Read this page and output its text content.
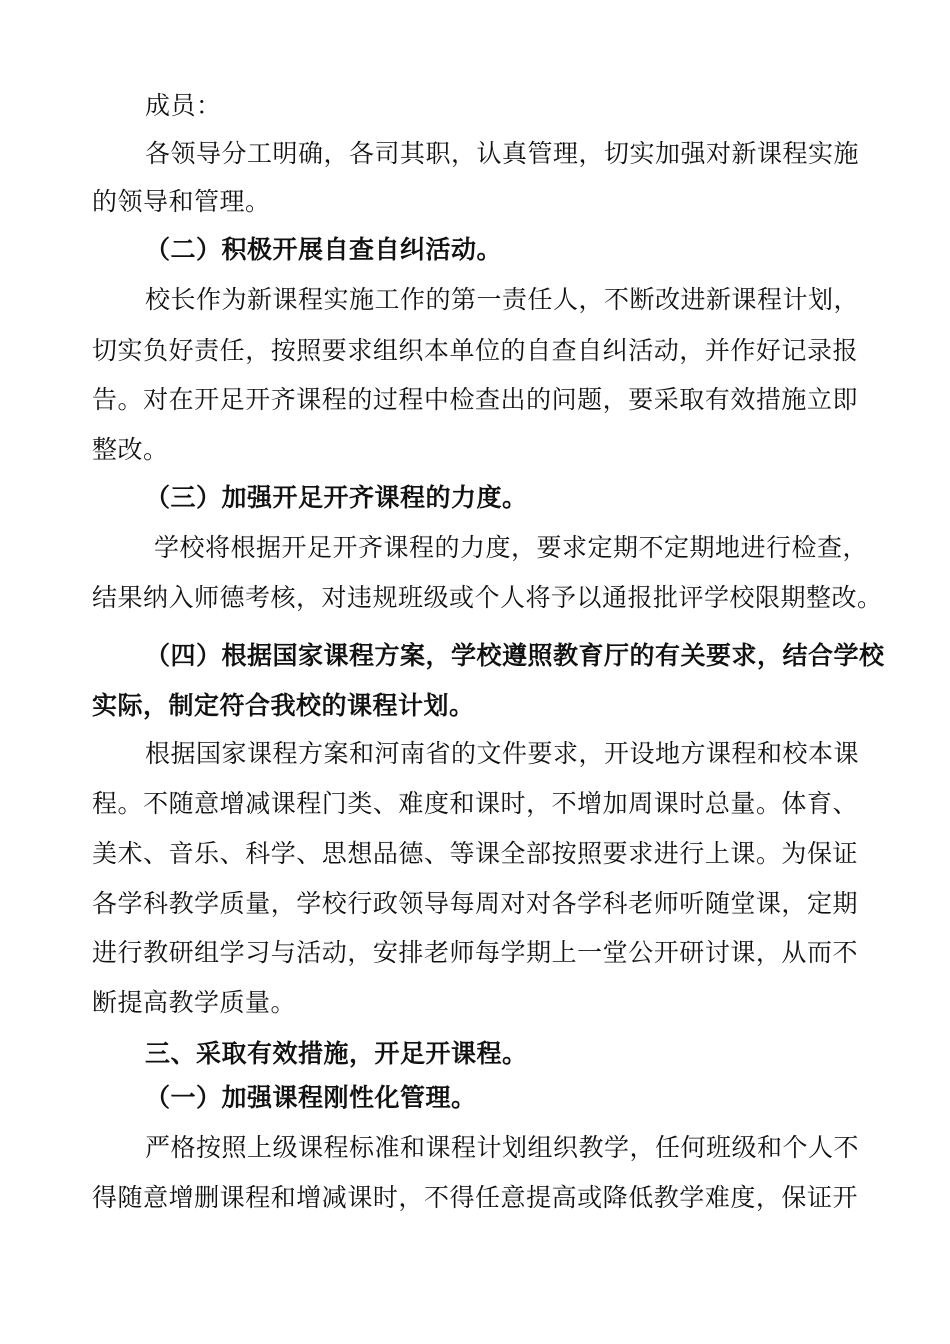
成员：
各领导分工明确，各司其职，认真管理，切实加强对新课程实施
的领导和管理。
（二）积极开展自查自纠活动。
校长作为新课程实施工作的第一责任人，不断改进新课程计划，
切实负好责任，按照要求组织本单位的自查自纠活动，并作好记录报
告。对在开足开齐课程的过程中检查出的问题，要采取有效措施立即
整改。
（三）加强开足开齐课程的力度。
学校将根据开足开齐课程的力度，要求定期不定期地进行检查，
结果纳入师德考核，对违规班级或个人将予以通报批评学校限期整改。
（四）根据国家课程方案，学校遵照教育厅的有关要求，结合学校
实际，制定符合我校的课程计划。
根据国家课程方案和河南省的文件要求，开设地方课程和校本课
程。不随意增减课程门类、难度和课时，不增加周课时总量。体育、
美术、音乐、科学、思想品德、等课全部按照要求进行上课。为保证
各学科教学质量，学校行政领导每周对对各学科老师听随堂课，定期
进行教研组学习与活动，安排老师每学期上一堂公开研讨课，从而不
断提高教学质量。
三、采取有效措施，开足开课程。
（一）加强课程刚性化管理。
严格按照上级课程标准和课程计划组织教学，任何班级和个人不
得随意增删课程和增减课时，不得任意提高或降低教学难度，保证开
